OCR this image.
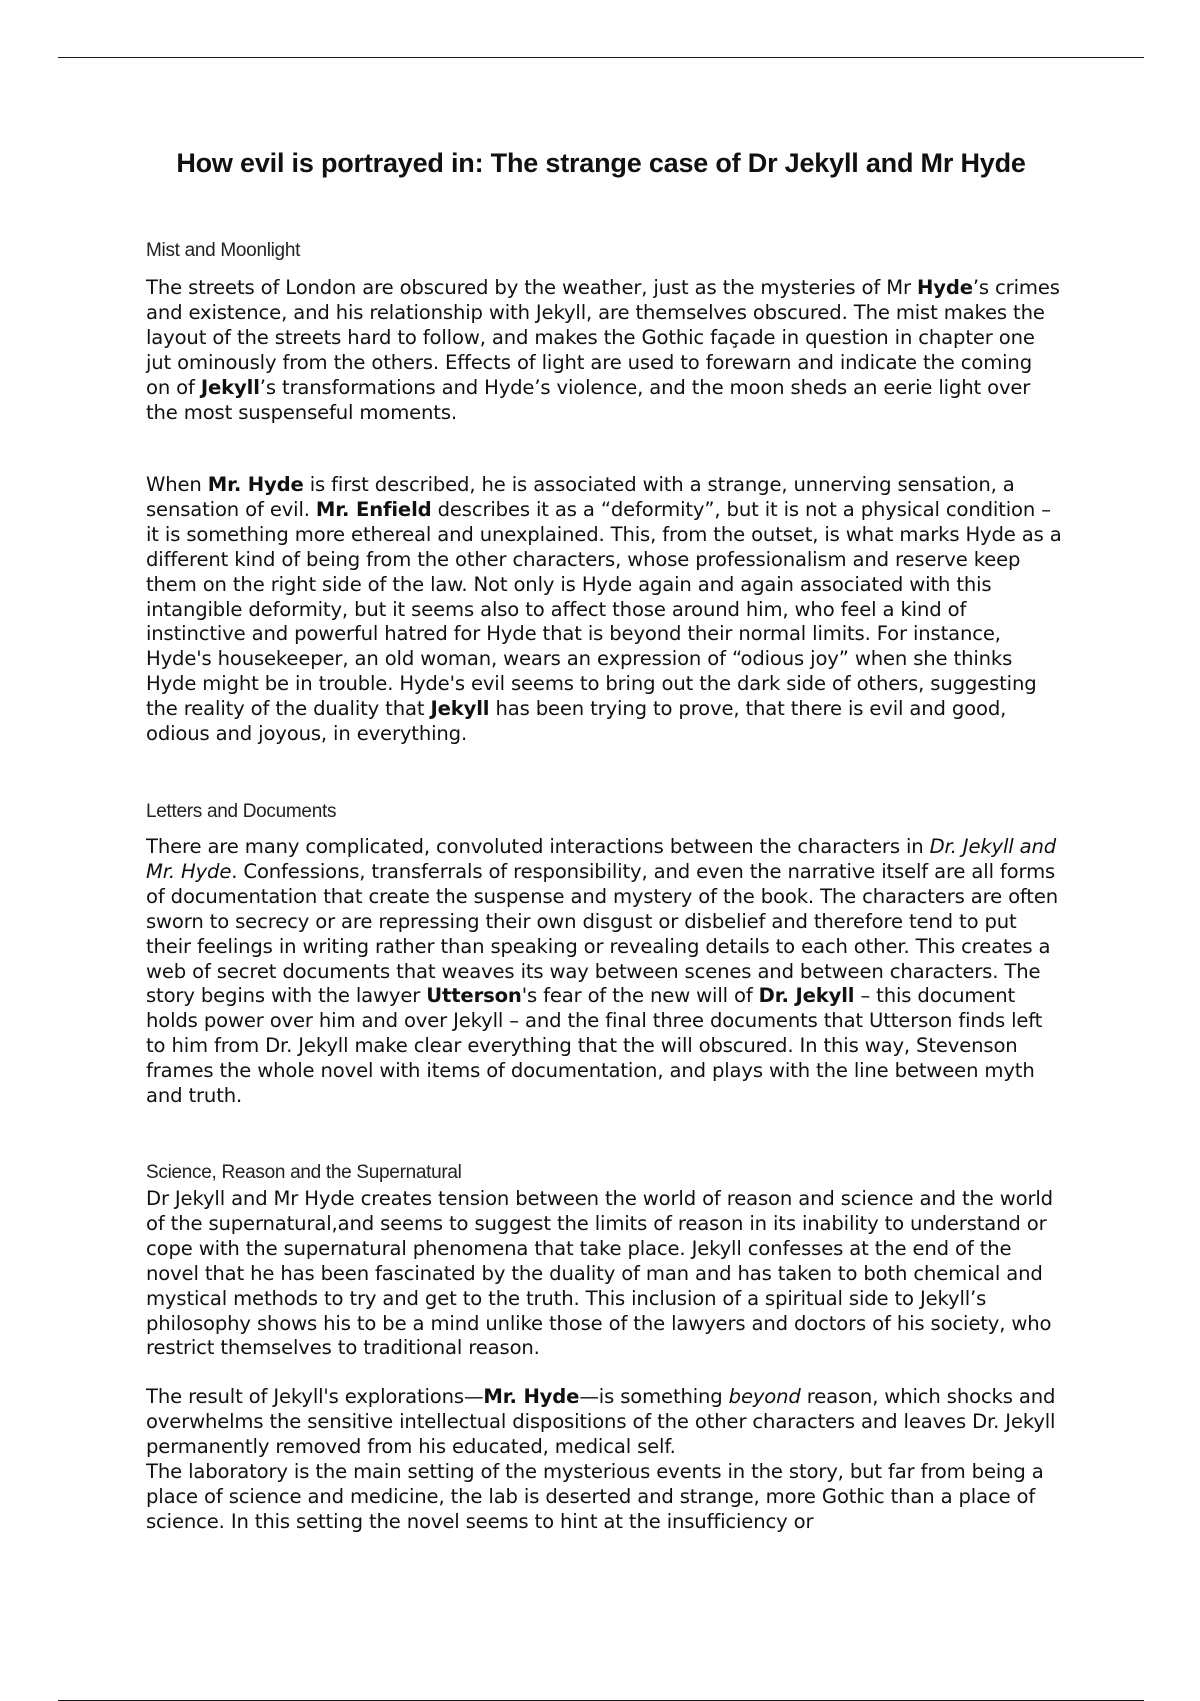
How evil is portrayed in: The strange case of Dr Jekyll and Mr Hyde
Mist and Moonlight

The streets of London are obscured by the weather, just as the mysteries of Mr Hyde’s crimes and existence, and his relationship with Jekyll, are themselves obscured. The mist makes the layout of the streets hard to follow, and makes the Gothic façade in question in chapter one jut ominously from the others. Effects of light are used to forewarn and indicate the coming on of Jekyll’s transformations and Hyde’s violence, and the moon sheds an eerie light over the most suspenseful moments.

When Mr. Hyde is first described, he is associated with a strange, unnerving sensation, a sensation of evil. Mr. Enfield describes it as a “deformity”, but it is not a physical condition – it is something more ethereal and unexplained. This, from the outset, is what marks Hyde as a different kind of being from the other characters, whose professionalism and reserve keep them on the right side of the law. Not only is Hyde again and again associated with this intangible deformity, but it seems also to affect those around him, who feel a kind of instinctive and powerful hatred for Hyde that is beyond their normal limits. For instance, Hyde's housekeeper, an old woman, wears an expression of “odious joy” when she thinks Hyde might be in trouble. Hyde's evil seems to bring out the dark side of others, suggesting the reality of the duality that Jekyll has been trying to prove, that there is evil and good, odious and joyous, in everything.

Letters and Documents

There are many complicated, convoluted interactions between the characters in Dr. Jekyll and Mr. Hyde. Confessions, transferrals of responsibility, and even the narrative itself are all forms of documentation that create the suspense and mystery of the book. The characters are often sworn to secrecy or are repressing their own disgust or disbelief and therefore tend to put their feelings in writing rather than speaking or revealing details to each other. This creates a web of secret documents that weaves its way between scenes and between characters. The story begins with the lawyer Utterson's fear of the new will of Dr. Jekyll – this document holds power over him and over Jekyll – and the final three documents that Utterson finds left to him from Dr. Jekyll make clear everything that the will obscured. In this way, Stevenson frames the whole novel with items of documentation, and plays with the line between myth and truth.

Science, Reason and the Supernatural

Dr Jekyll and Mr Hyde creates tension between the world of reason and science and the world of the supernatural,and seems to suggest the limits of reason in its inability to understand or cope with the supernatural phenomena that take place. Jekyll confesses at the end of the novel that he has been fascinated by the duality of man and has taken to both chemical and mystical methods to try and get to the truth. This inclusion of a spiritual side to Jekyll’s philosophy shows his to be a mind unlike those of the lawyers and doctors of his society, who restrict themselves to traditional reason.

The result of Jekyll's explorations—Mr. Hyde—is something beyond reason, which shocks and overwhelms the sensitive intellectual dispositions of the other characters and leaves Dr. Jekyll permanently removed from his educated, medical self.

The laboratory is the main setting of the mysterious events in the story, but far from being a place of science and medicine, the lab is deserted and strange, more Gothic than a place of science. In this setting the novel seems to hint at the insufficiency or
